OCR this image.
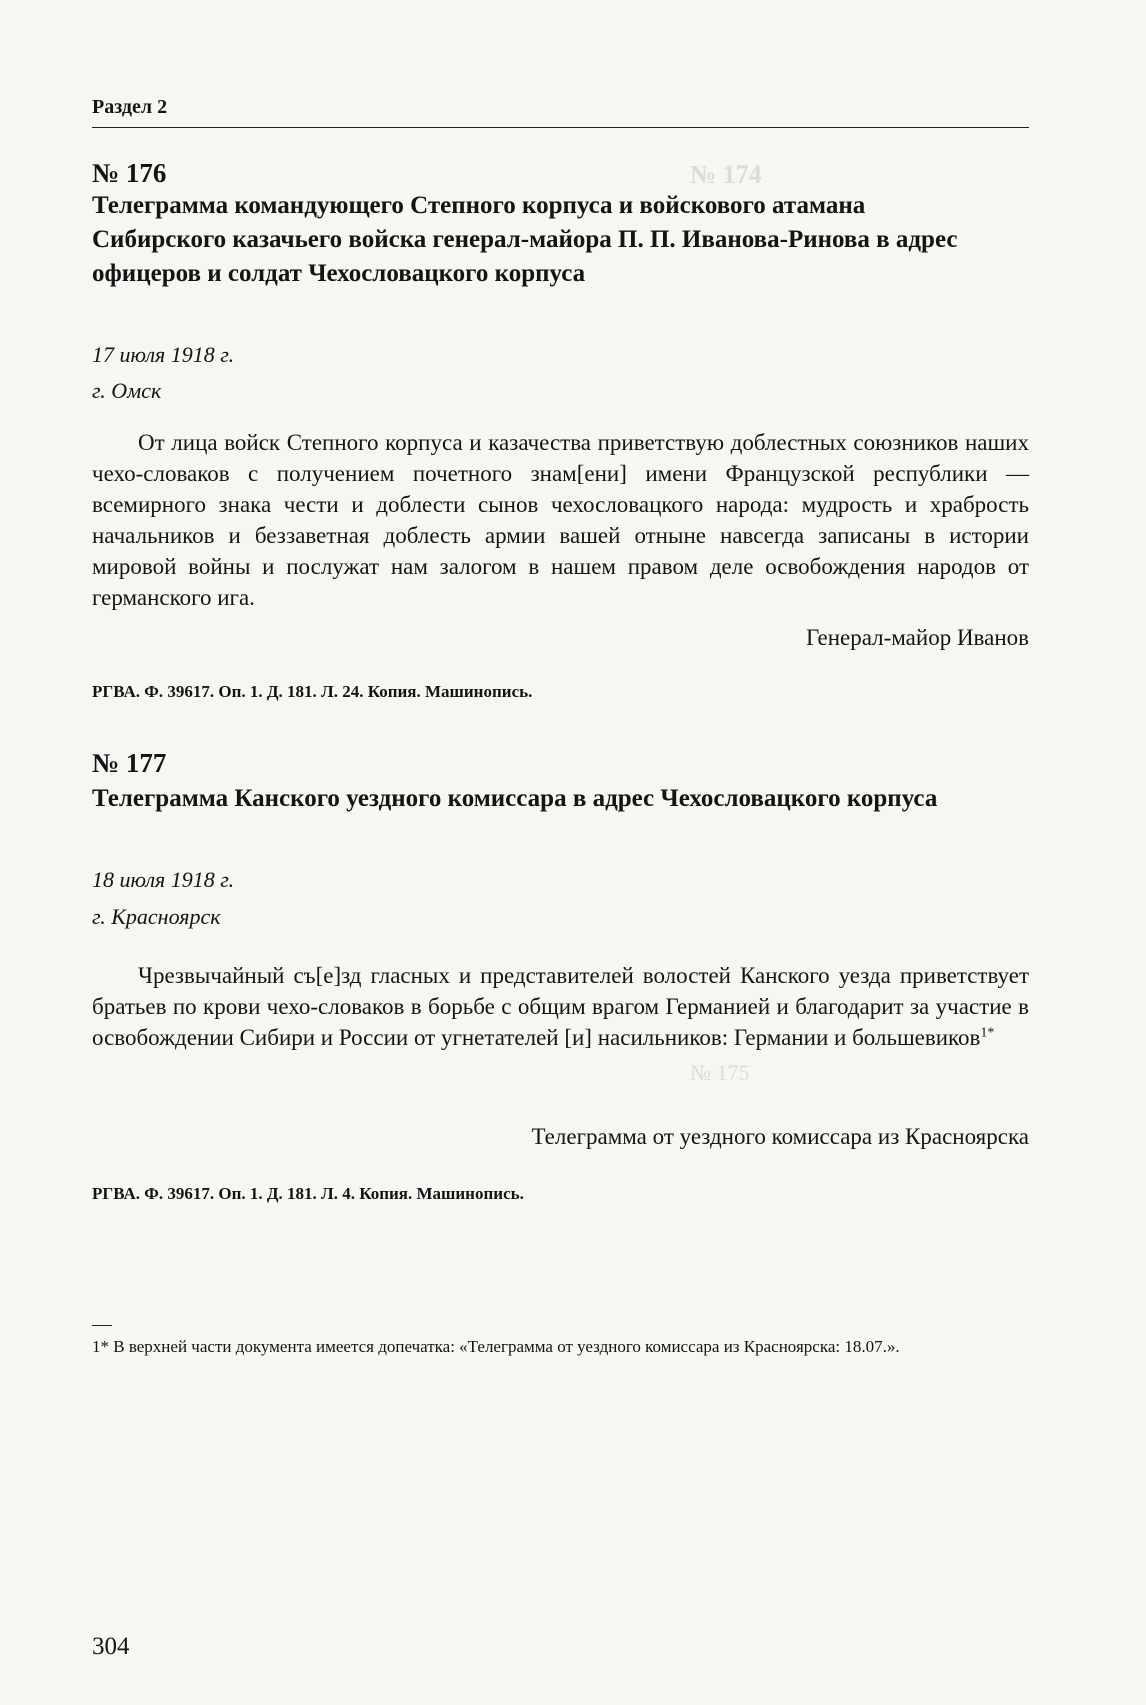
№ 174
№ 175
Раздел 2
№ 176
Телеграмма командующего Степного корпуса и войскового атамана Сибирского казачьего войска генерал-майора П. П. Иванова-Ринова в адрес офицеров и солдат Чехословацкого корпуса
17 июля 1918 г.
г. Омск

От лица войск Степного корпуса и казачества приветствую доблестных союзников наших чехо-словаков с получением почетного знам[ени] имени Французской республики — всемирного знака чести и доблести сынов чехословацкого народа: мудрость и храбрость начальников и беззаветная доблесть армии вашей отныне навсегда записаны в истории мировой войны и послужат нам залогом в нашем правом деле освобождения народов от германского ига.

Генерал-майор Иванов
РГВА. Ф. 39617. Оп. 1. Д. 181. Л. 24. Копия. Машинопись.
№ 177
Телеграмма Канского уездного комиссара в адрес Чехословацкого корпуса
18 июля 1918 г.
г. Красноярск

Чрезвычайный съ[е]зд гласных и представителей волостей Канского уезда приветствует братьев по крови чехо-словаков в борьбе с общим врагом Германией и благодарит за участие в освобождении Сибири и России от угнетателей [и] насильников: Германии и большевиков$^{1*}$

Телеграмма от уездного комиссара из Красноярска
РГВА. Ф. 39617. Оп. 1. Д. 181. Л. 4. Копия. Машинопись.
1* В верхней части документа имеется допечатка: «Телеграмма от уездного комиссара из Красноярска: 18.07.».
304
